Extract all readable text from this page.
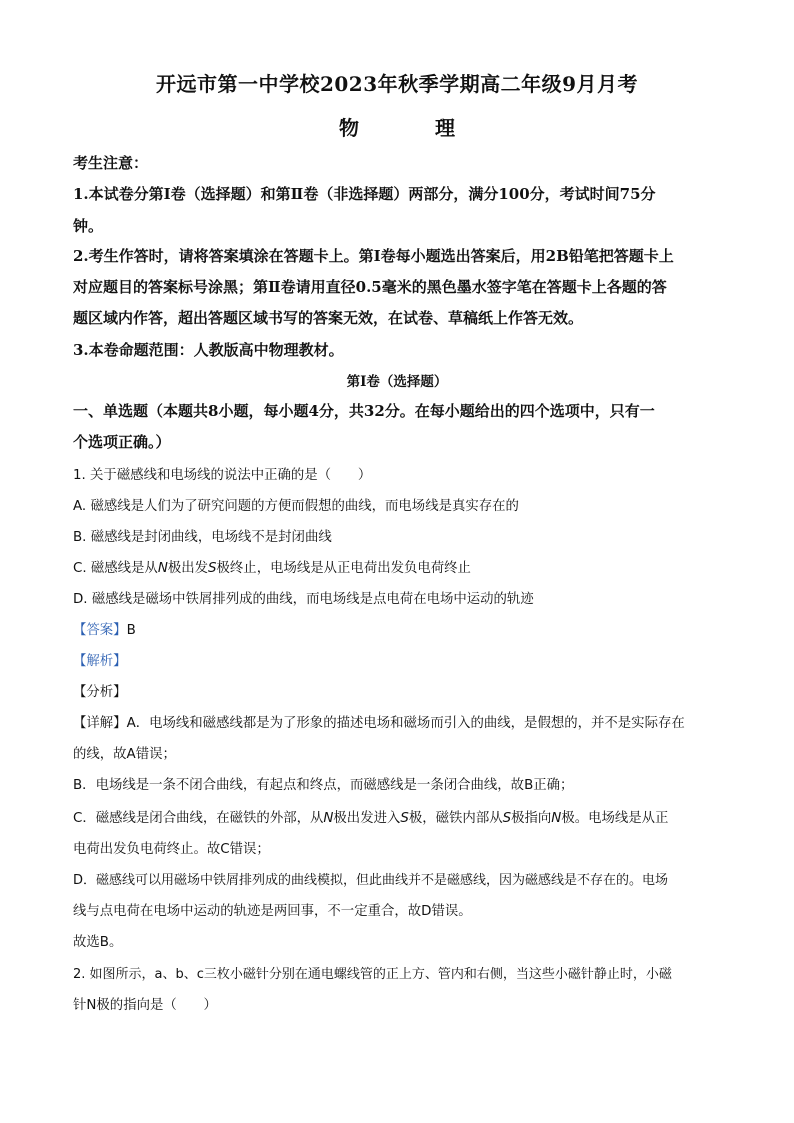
开远市第一中学校2023年秋季学期高二年级9月月考
物　理
考生注意：
1.本试卷分第Ⅰ卷（选择题）和第Ⅱ卷（非选择题）两部分，满分100分，考试时间75分
钟。
2.考生作答时，请将答案填涂在答题卡上。第Ⅰ卷每小题选出答案后，用2B铅笔把答题卡上
对应题目的答案标号涂黑；第Ⅱ卷请用直径0.5毫米的黑色墨水签字笔在答题卡上各题的答
题区域内作答，超出答题区域书写的答案无效，在试卷、草稿纸上作答无效。
3.本卷命题范围：人教版高中物理教材。
第Ⅰ卷（选择题）
一、单选题（本题共8小题，每小题4分，共32分。在每小题给出的四个选项中，只有一
个选项正确。）
1. 关于磁感线和电场线的说法中正确的是（　　）
A. 磁感线是人们为了研究问题的方便而假想的曲线，而电场线是真实存在的
B. 磁感线是封闭曲线，电场线不是封闭曲线
C. 磁感线是从N极出发S极终止，电场线是从正电荷出发负电荷终止
D. 磁感线是磁场中铁屑排列成的曲线，而电场线是点电荷在电场中运动的轨迹
【答案】B
【解析】
【分析】
【详解】A．电场线和磁感线都是为了形象的描述电场和磁场而引入的曲线，是假想的，并不是实际存在
的线，故A错误；
B．电场线是一条不闭合曲线，有起点和终点，而磁感线是一条闭合曲线，故B正确；
C．磁感线是闭合曲线，在磁铁的外部，从N极出发进入S极，磁铁内部从S极指向N极。电场线是从正
电荷出发负电荷终止。故C错误；
D．磁感线可以用磁场中铁屑排列成的曲线模拟，但此曲线并不是磁感线，因为磁感线是不存在的。电场
线与点电荷在电场中运动的轨迹是两回事，不一定重合，故D错误。
故选B。
2. 如图所示，a、b、c三枚小磁针分别在通电螺线管的正上方、管内和右侧，当这些小磁针静止时，小磁
针N极的指向是（　　）
